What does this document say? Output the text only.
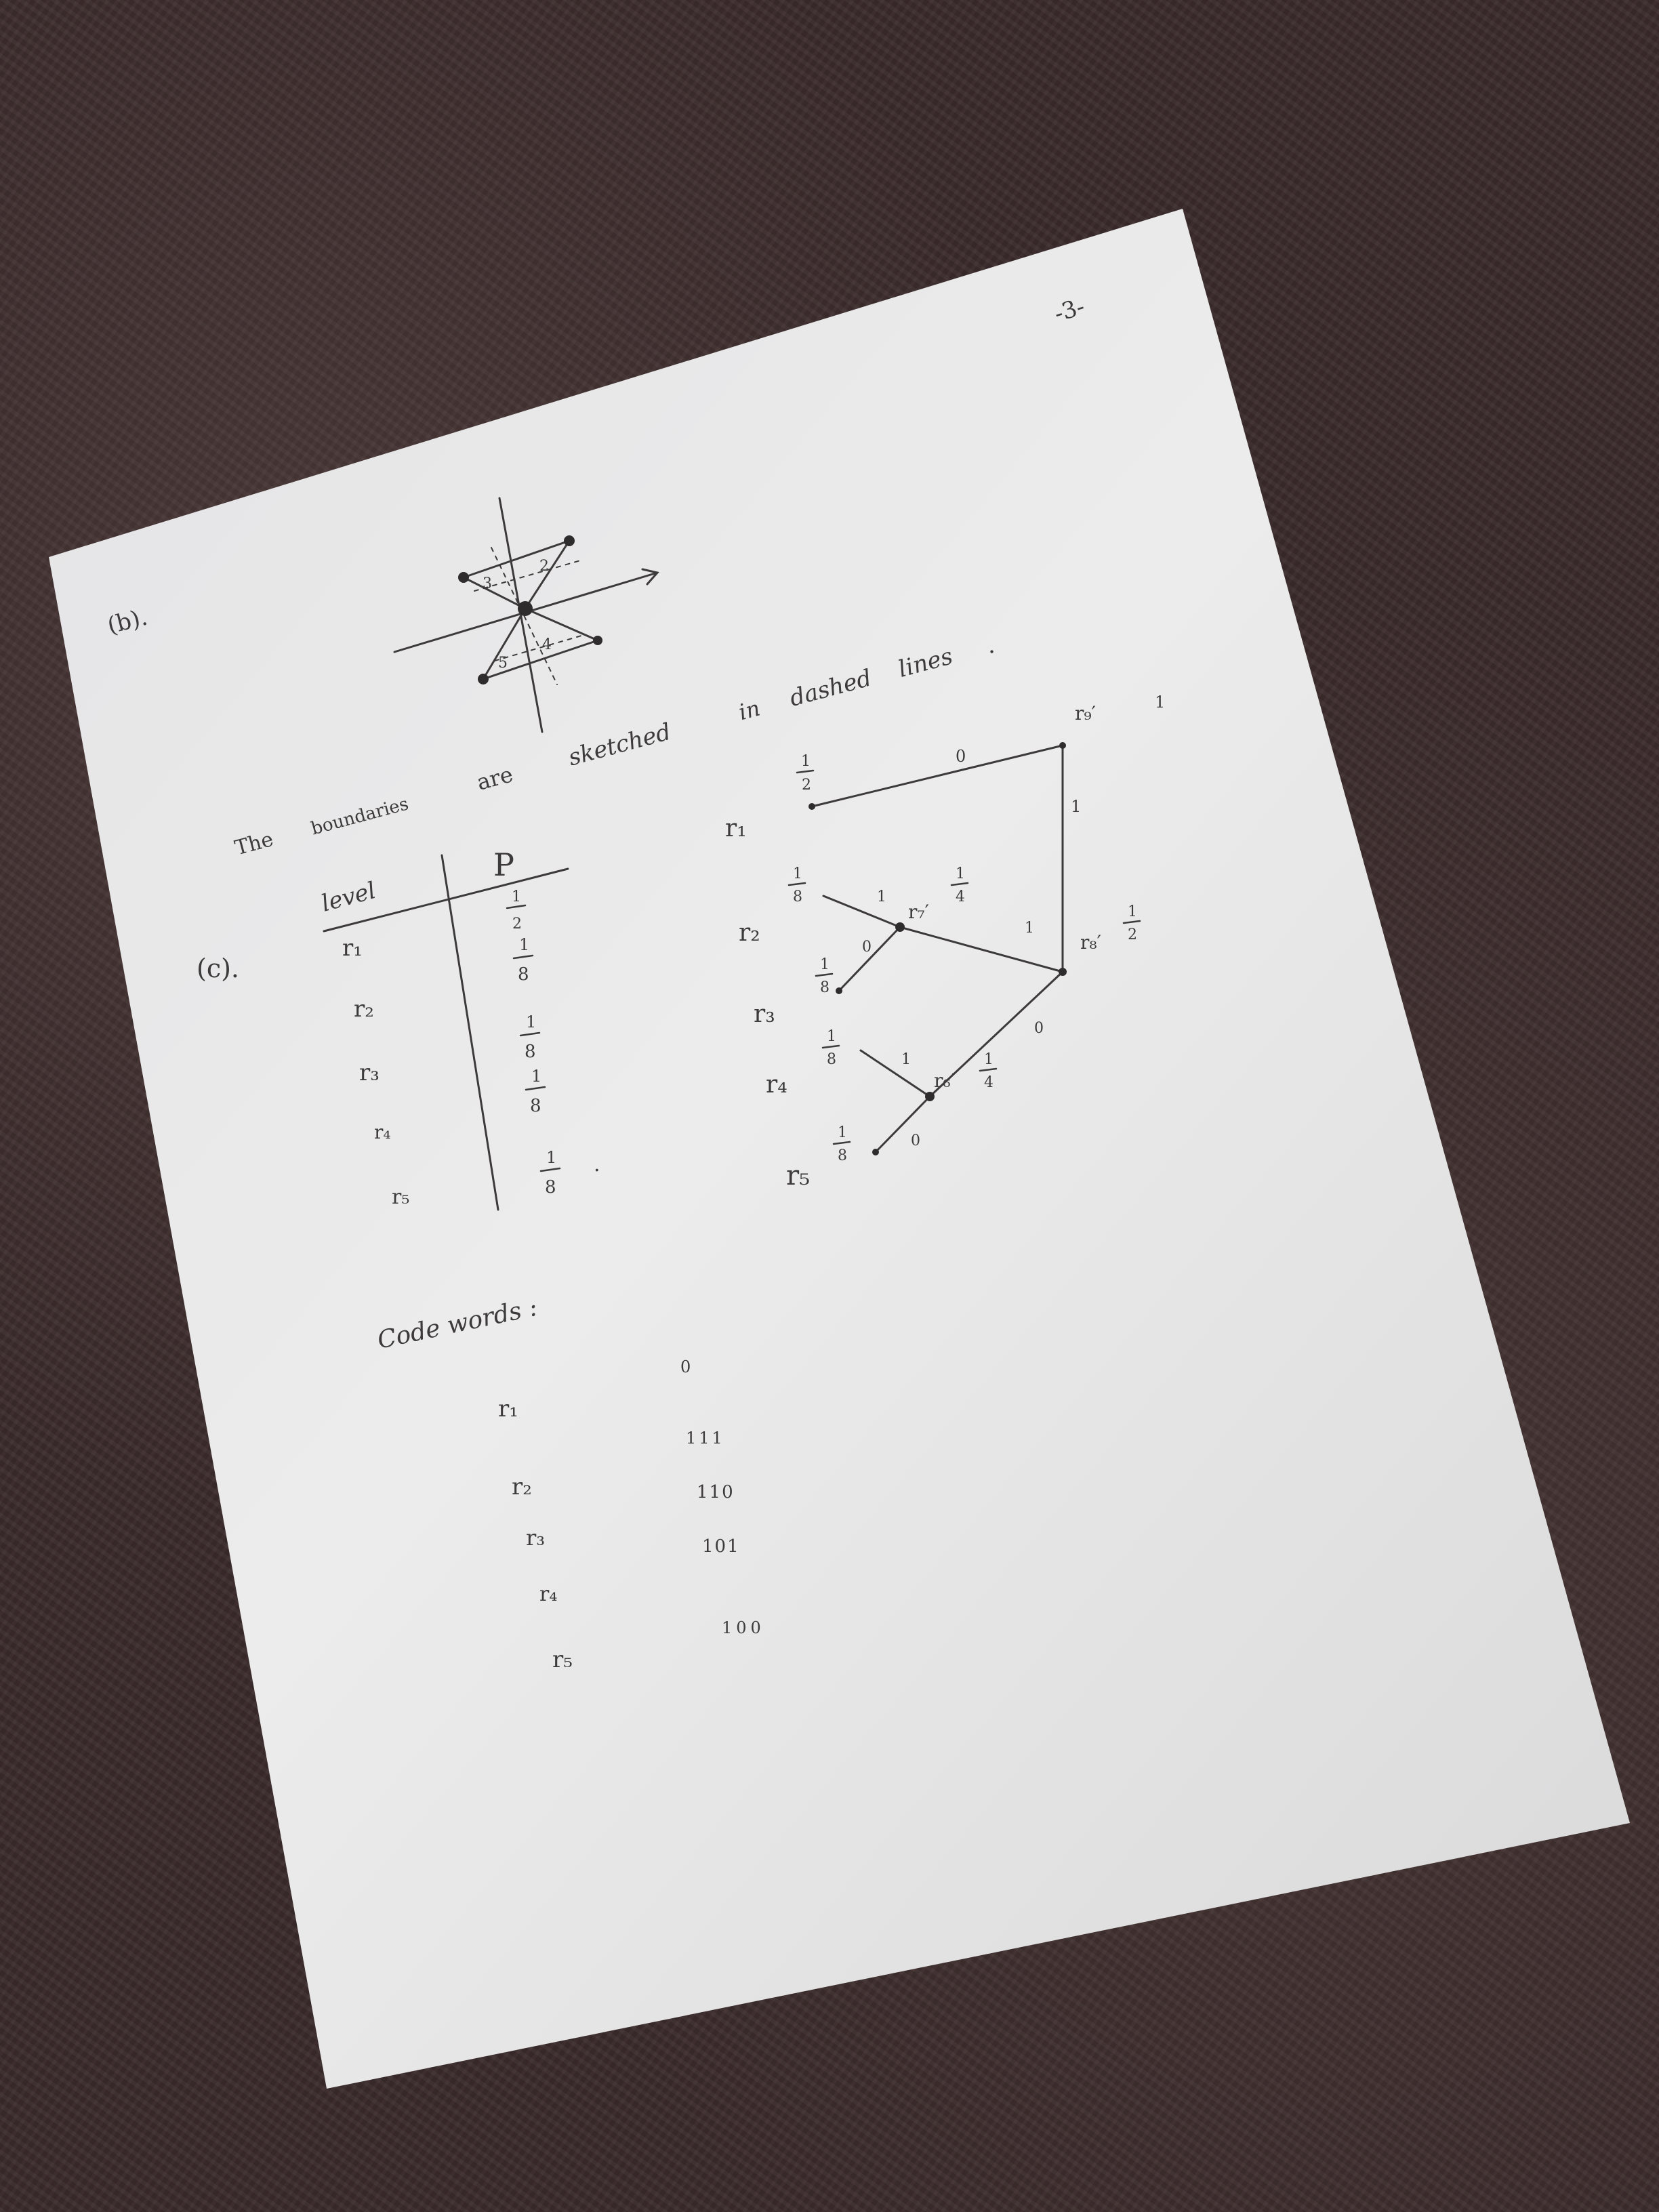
-3-
(b).
3
2
4
5
The
boundaries
are
sketched
in dashed
lines .
(c).
level
P
r₁
1
2
r₂
1
8
r₃
1
8
r₄
1
8
r₅
1
8
.
r₁
1
2
r₂
1
8
r₃
1
8
r₄
1
8
r₅
1
8
r₇′
1
4
r₈′
1
2
r₆′
1
4
r₉′	1
0
1
1
0
1
0
1
0
Code words :
r₁
0
r₂
111
r₃
110
r₄
101
r₅
100
